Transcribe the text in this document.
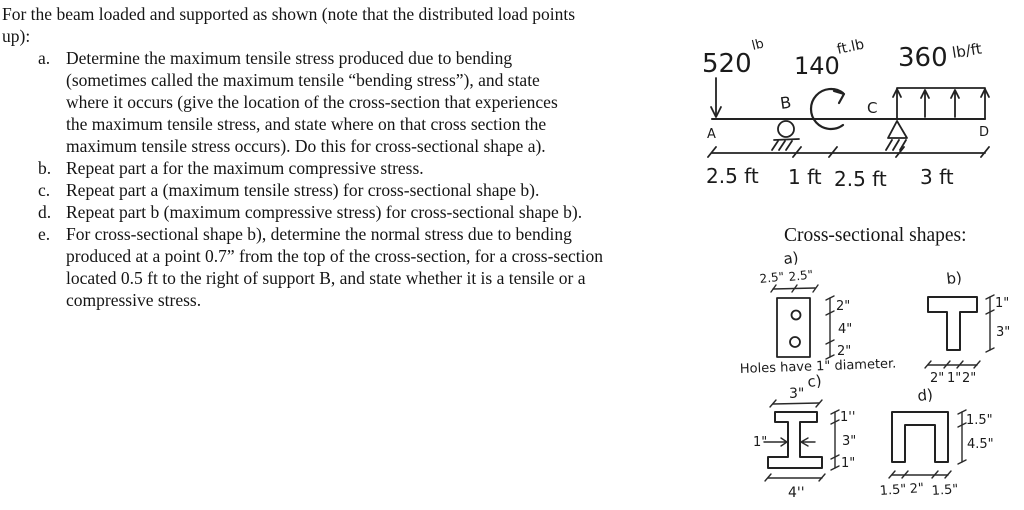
For the beam loaded and supported as shown (note that the distributed load points
up):
a. Determine the maximum tensile stress produced due to bending
(sometimes called the maximum tensile “bending stress”), and state
where it occurs (give the location of the cross-section that experiences
the maximum tensile stress, and state where on that cross section the
maximum tensile stress occurs). Do this for cross-sectional shape a).
b. Repeat part a for the maximum compressive stress.
c. Repeat part a (maximum tensile stress) for cross-sectional shape b).
d. Repeat part b (maximum compressive stress) for cross-sectional shape b).
e. For cross-sectional shape b), determine the normal stress due to bending
produced at a point 0.7” from the top of the cross-section, for a cross-section
located 0.5 ft to the right of support B, and state whether it is a tensile or a
compressive stress.
520
lb
A
B
140
ft.lb
C
360 lb/ft
D
2.5 ft 1 ft 2.5 ft 3 ft
Cross-sectional shapes:
a)
2.5" 2.5"
2"
4"
2"
Holes have 1" diameter.
b)
1"
3"
2" 1" 2"
c)
3"
1''
3"
1"
1"
4''
d)
1.5"
4.5"
1.5" 2" 1.5"
